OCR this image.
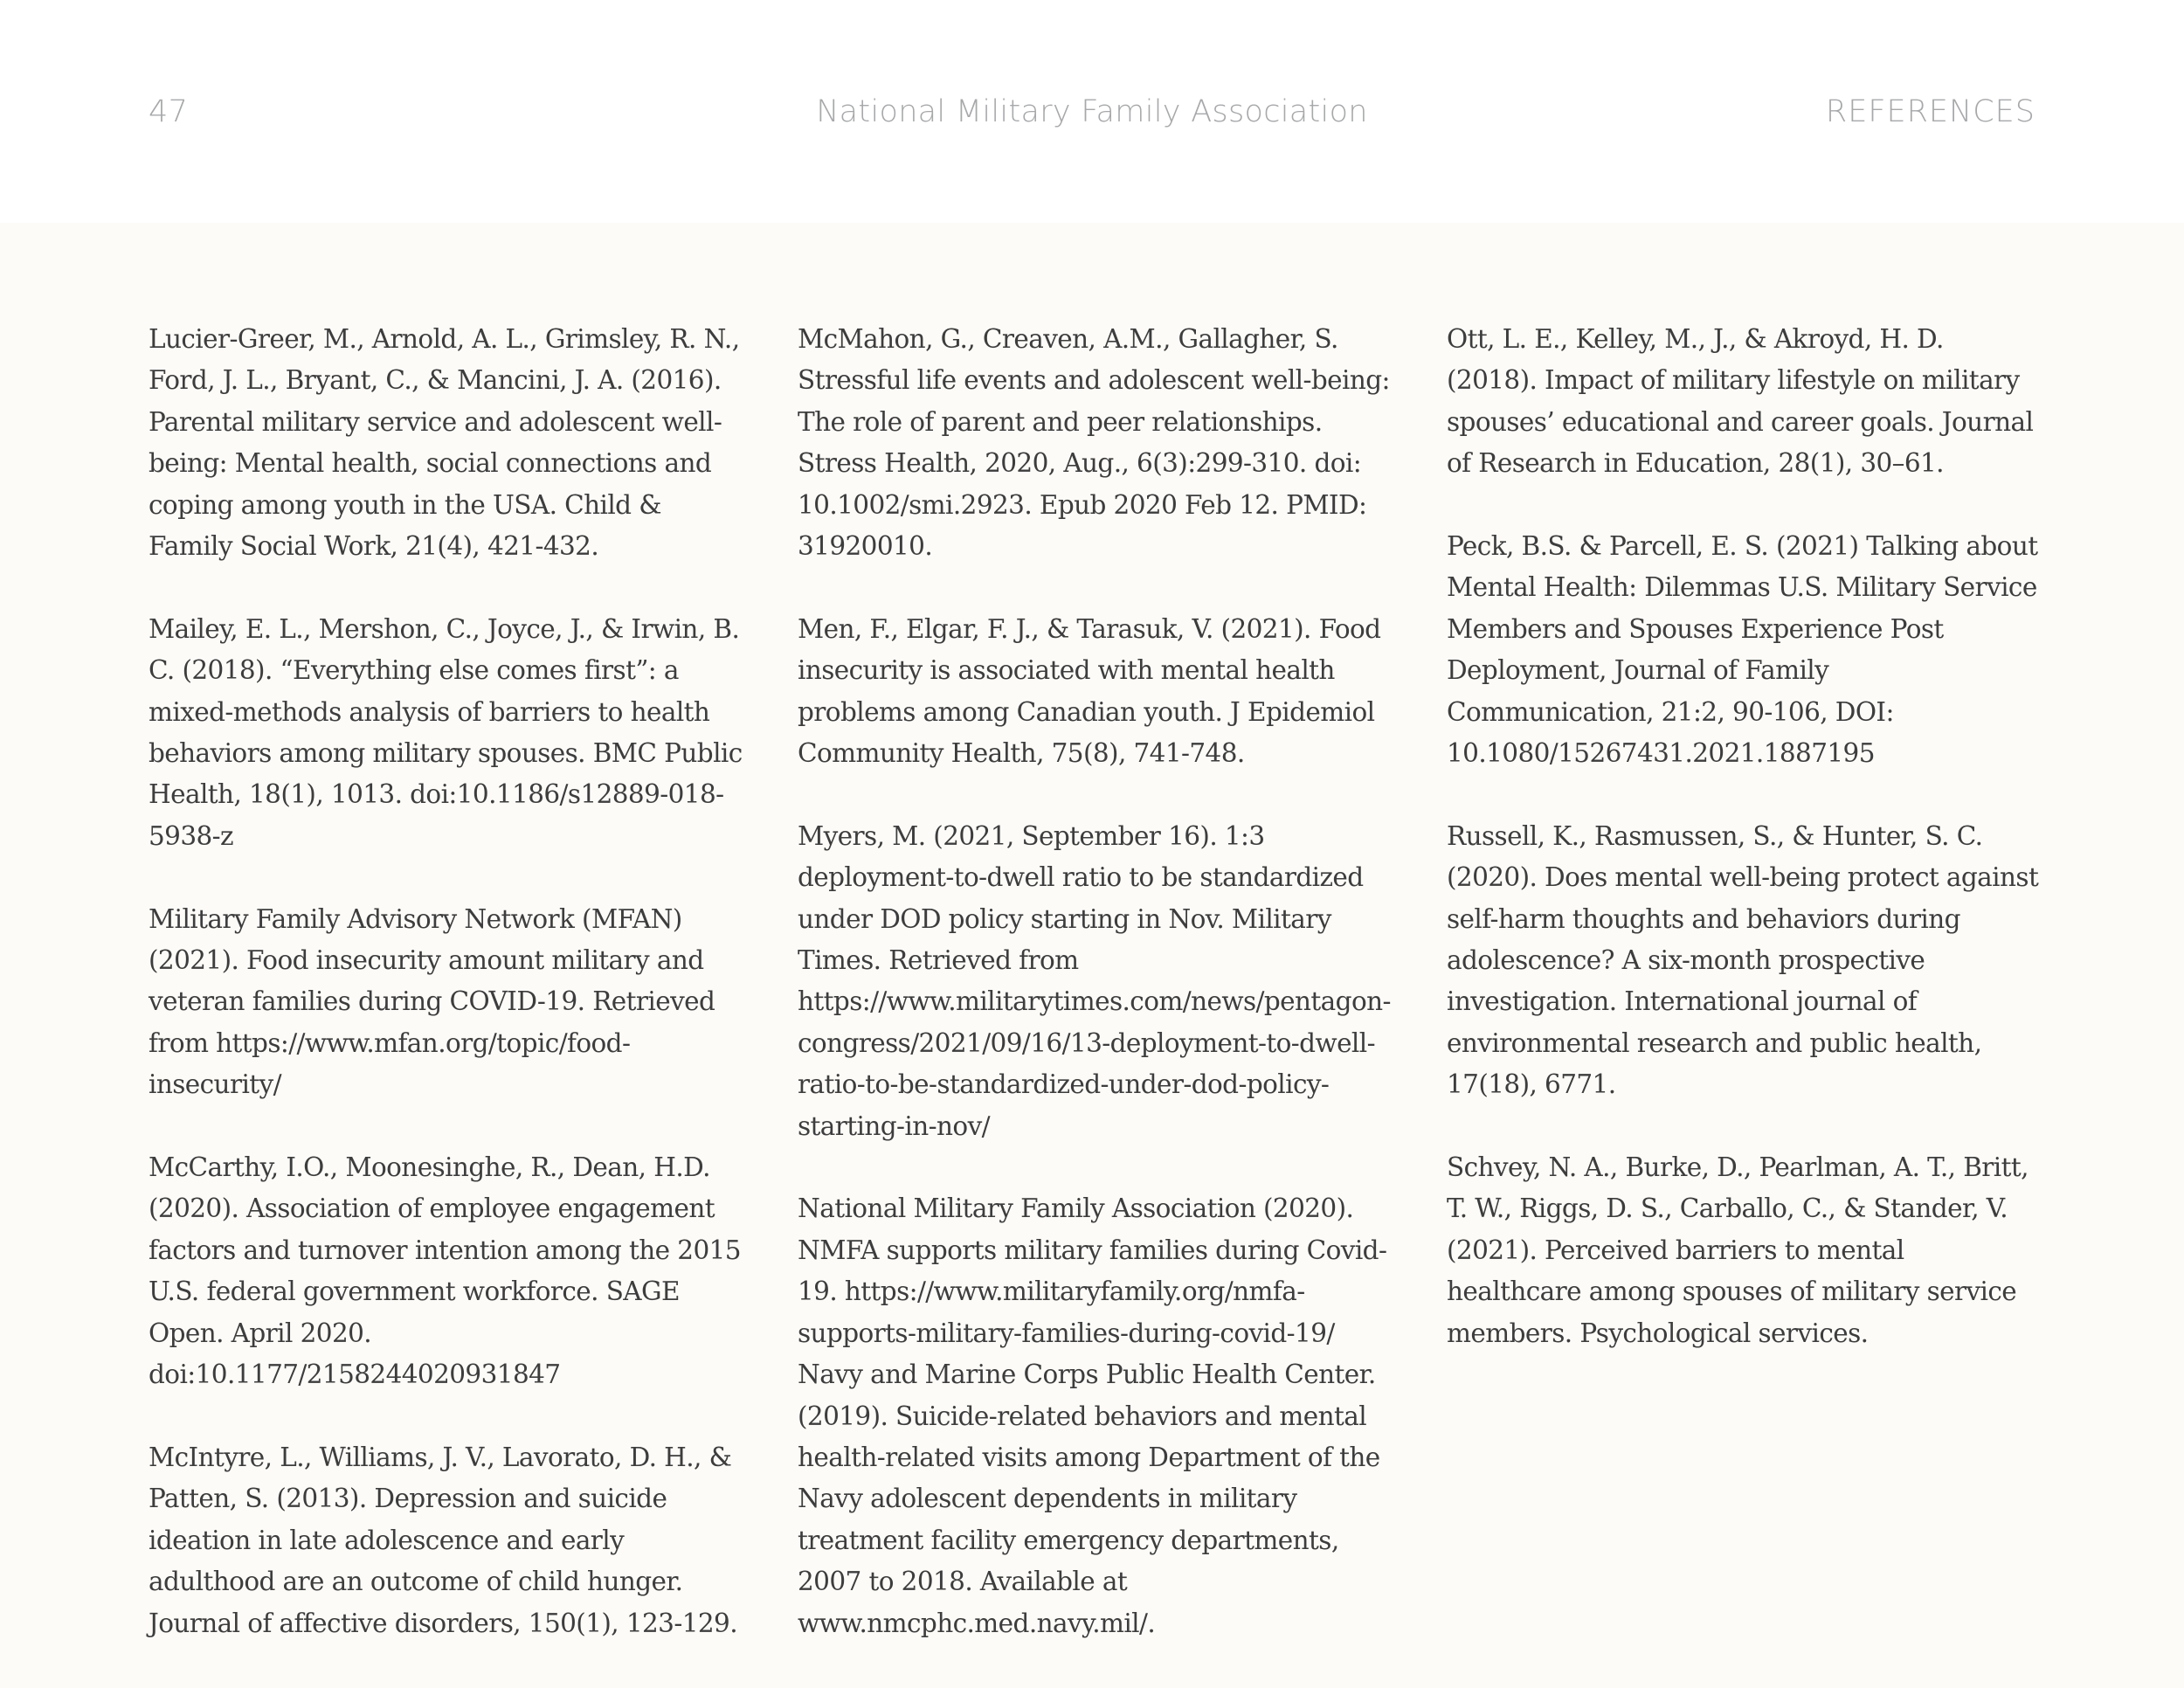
47	National Military Family Association	REFERENCES

Lucier-Greer, M., Arnold, A. L., Grimsley, R. N., Ford, J. L., Bryant, C., & Mancini, J. A. (2016). Parental military service and adolescent well-being: Mental health, social connections and coping among youth in the USA. Child & Family Social Work, 21(4), 421-432.

Mailey, E. L., Mershon, C., Joyce, J., & Irwin, B. C. (2018). “Everything else comes first”: a mixed-methods analysis of barriers to health behaviors among military spouses. BMC Public Health, 18(1), 1013. doi:10.1186/s12889-018-5938-z

Military Family Advisory Network (MFAN) (2021). Food insecurity amount military and veteran families during COVID-19. Retrieved from https://www.mfan.org/topic/food-insecurity/

McCarthy, I.O., Moonesinghe, R., Dean, H.D. (2020). Association of employee engagement factors and turnover intention among the 2015 U.S. federal government workforce. SAGE Open. April 2020. doi:10.1177/2158244020931847

McIntyre, L., Williams, J. V., Lavorato, D. H., & Patten, S. (2013). Depression and suicide ideation in late adolescence and early adulthood are an outcome of child hunger. Journal of affective disorders, 150(1), 123-129.

McMahon, G., Creaven, A.M., Gallagher, S. Stressful life events and adolescent well-being: The role of parent and peer relationships. Stress Health, 2020, Aug., 6(3):299-310. doi: 10.1002/smi.2923. Epub 2020 Feb 12. PMID: 31920010.

Men, F., Elgar, F. J., & Tarasuk, V. (2021). Food insecurity is associated with mental health problems among Canadian youth. J Epidemiol Community Health, 75(8), 741-748.

Myers, M. (2021, September 16). 1:3 deployment-to-dwell ratio to be standardized under DOD policy starting in Nov. Military Times. Retrieved from https://www.militarytimes.com/news/pentagon-congress/2021/09/16/13-deployment-to-dwell-ratio-to-be-standardized-under-dod-policy-starting-in-nov/

National Military Family Association (2020). NMFA supports military families during Covid-19. https://www.militaryfamily.org/nmfa-supports-military-families-during-covid-19/

Navy and Marine Corps Public Health Center. (2019). Suicide-related behaviors and mental health-related visits among Department of the Navy adolescent dependents in military treatment facility emergency departments, 2007 to 2018. Available at www.nmcphc.med.navy.mil/.

Ott, L. E., Kelley, M., J., & Akroyd, H. D. (2018). Impact of military lifestyle on military spouses’ educational and career goals. Journal of Research in Education, 28(1), 30–61.

Peck, B.S. & Parcell, E. S. (2021) Talking about Mental Health: Dilemmas U.S. Military Service Members and Spouses Experience Post Deployment, Journal of Family Communication, 21:2, 90-106, DOI: 10.1080/15267431.2021.1887195

Russell, K., Rasmussen, S., & Hunter, S. C. (2020). Does mental well-being protect against self-harm thoughts and behaviors during adolescence? A six-month prospective investigation. International journal of environmental research and public health, 17(18), 6771.

Schvey, N. A., Burke, D., Pearlman, A. T., Britt, T. W., Riggs, D. S., Carballo, C., & Stander, V. (2021). Perceived barriers to mental healthcare among spouses of military service members. Psychological services.
